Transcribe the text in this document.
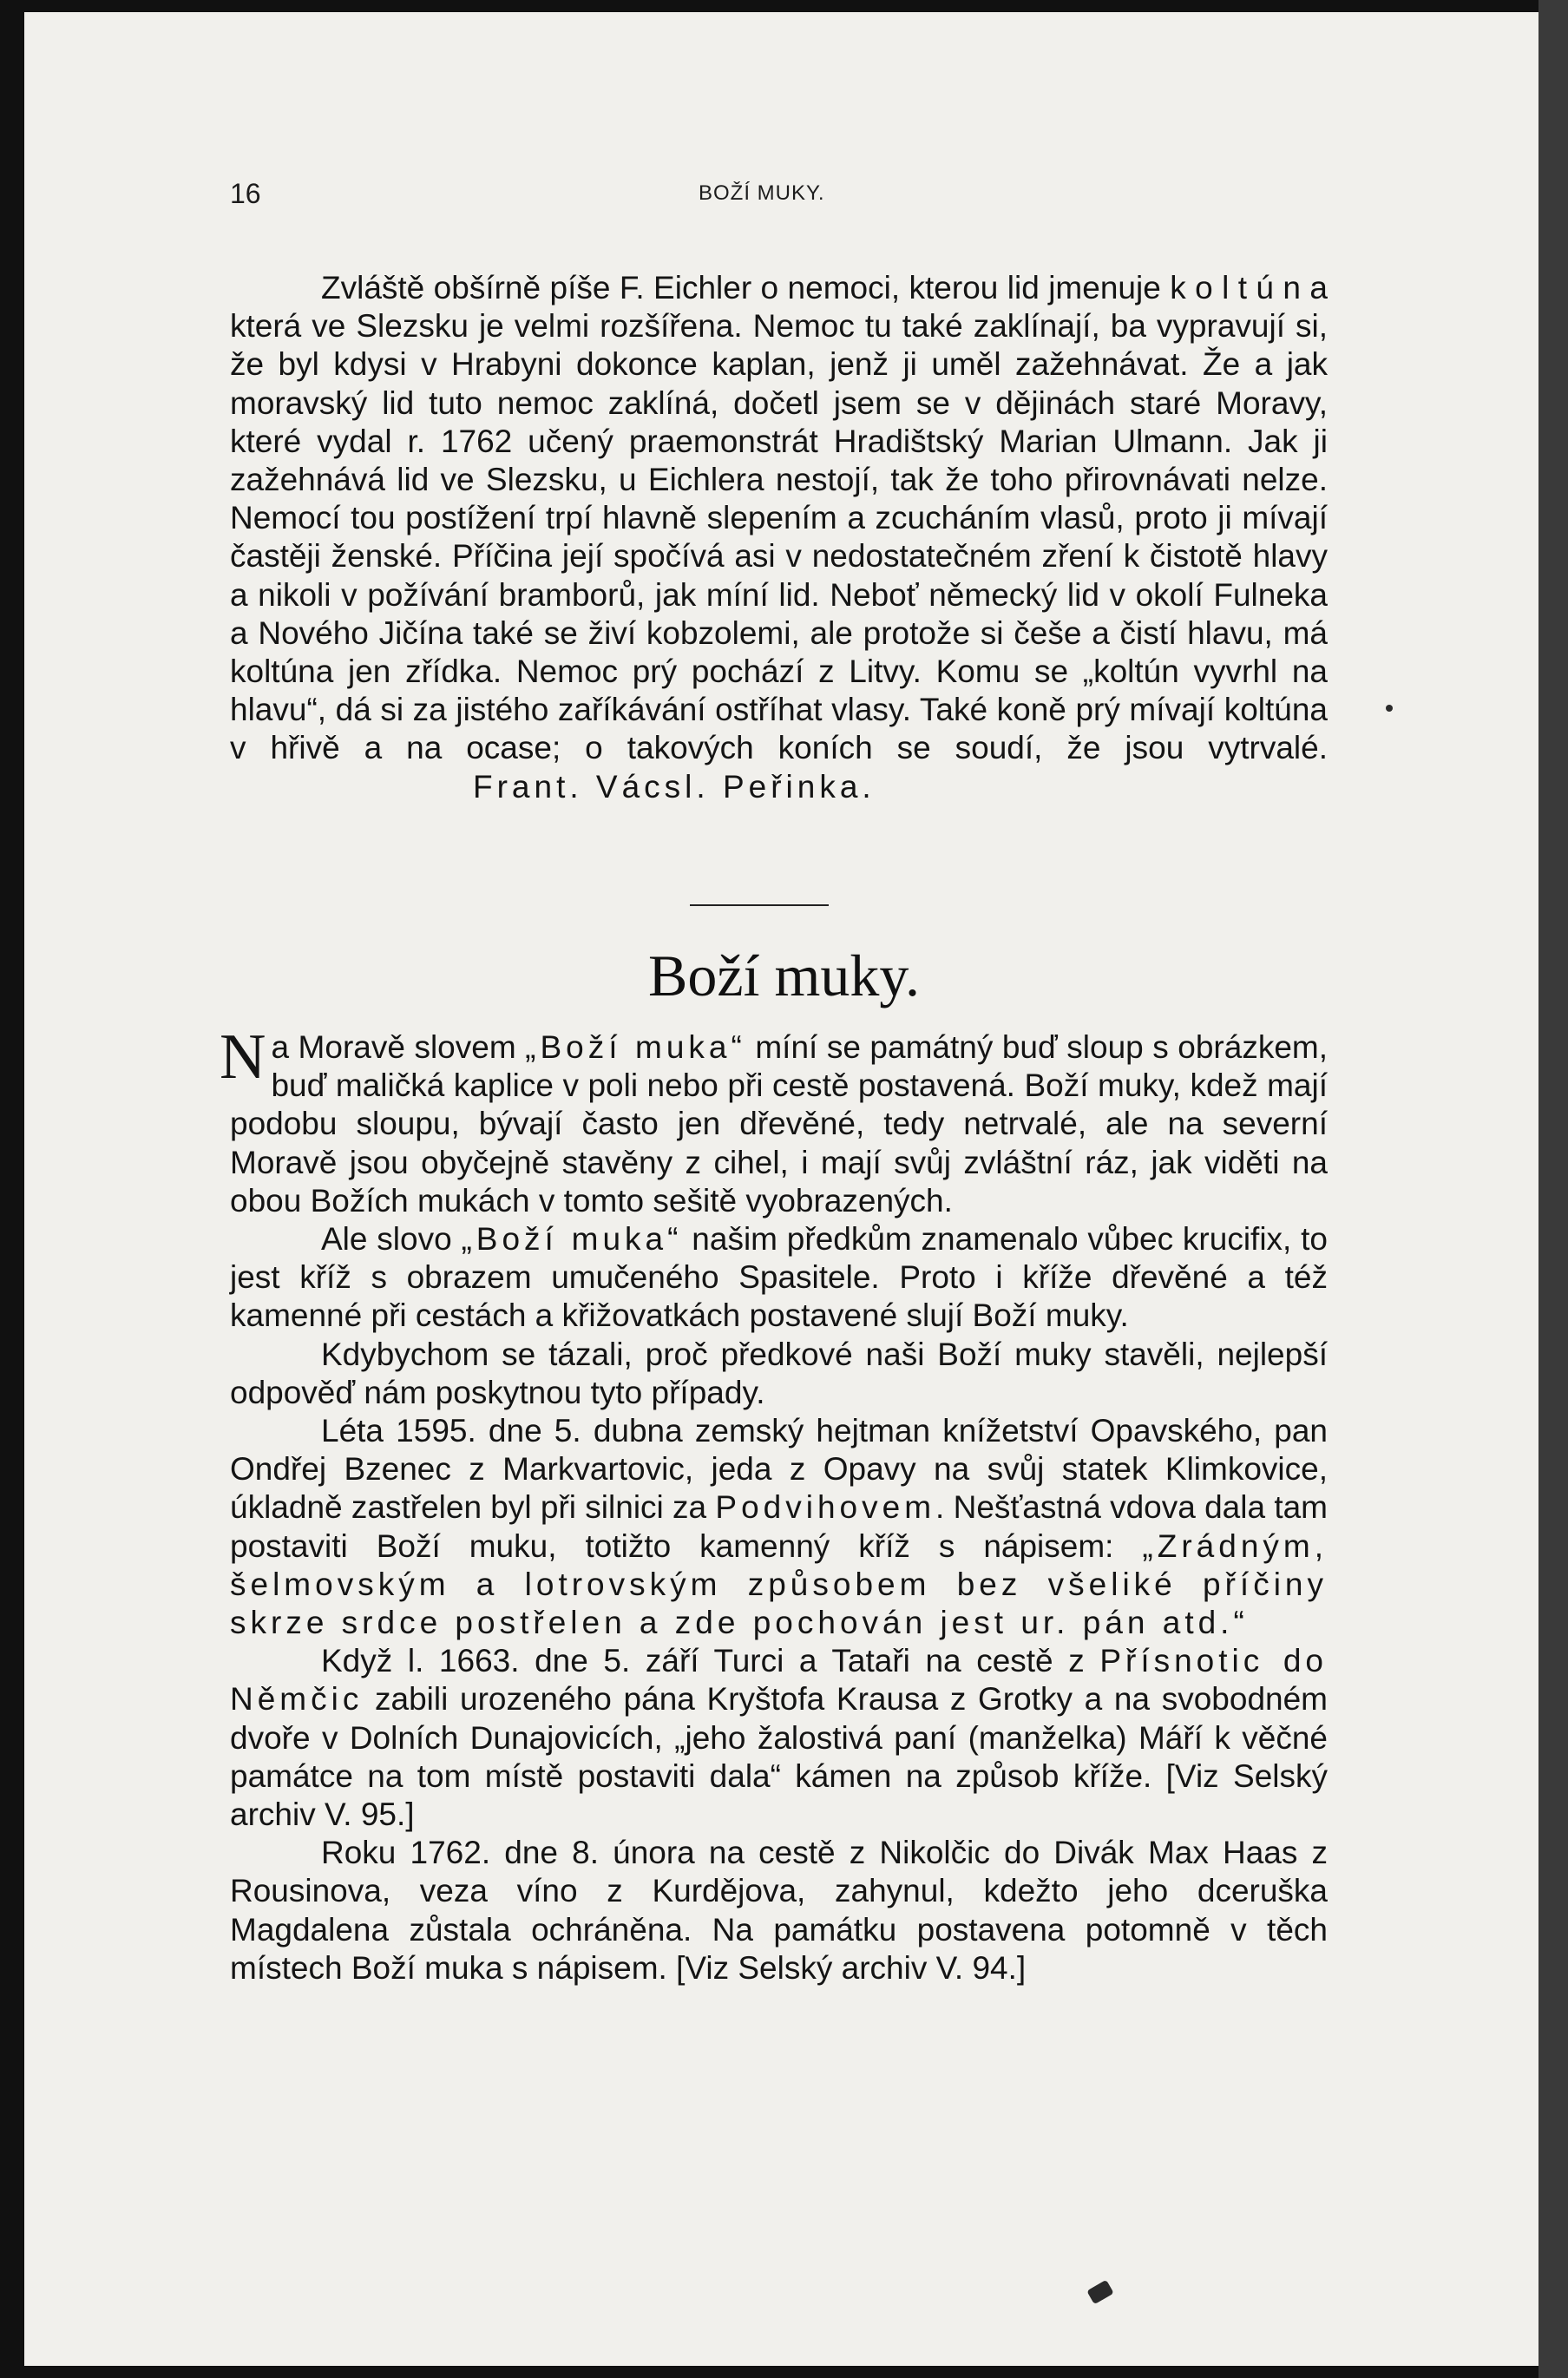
16	BOŽÍ MUKY.

Zvláště obšírně píše F. Eichler o nemoci, kterou lid jmenuje k o l t ú n a která ve Slezsku je velmi rozšířena. Nemoc tu také zaklínají, ba vypravují si, že byl kdysi v Hrabyni dokonce kaplan, jenž ji uměl zažehnávat. Že a jak moravský lid tuto nemoc zaklíná, dočetl jsem se v dějinách staré Moravy, které vydal r. 1762 učený praemonstrát Hradištský Marian Ulmann. Jak ji zažehnává lid ve Slezsku, u Eichlera nestojí, tak že toho přirovnávati nelze. Nemocí tou postížení trpí hlavně slepením a zcucháním vlasů, proto ji mívají častěji ženské. Příčina její spočívá asi v nedostatečném zření k čistotě hlavy a nikoli v požívání bramborů, jak míní lid. Neboť německý lid v okolí Fulneka a Nového Jičína také se živí kobzolemi, ale protože si češe a čistí hlavu, má koltúna jen zřídka. Nemoc prý pochází z Litvy. Komu se „koltún vyvrhl na hlavu“, dá si za jistého zaříkávání ostříhat vlasy. Také koně prý mívají koltúna v hřivě a na ocase; o takových koních se soudí, že jsou vytrvalé. Frant. Vácsl. Peřinka.

Boží muky.

Na Moravě slovem „Boží muka“ míní se památný buď sloup s obrázkem, buď maličká kaplice v poli nebo při cestě postavená. Boží muky, kdež mají podobu sloupu, bývají často jen dřevěné, tedy netrvalé, ale na severní Moravě jsou obyčejně stavěny z cihel, i mají svůj zvláštní ráz, jak viděti na obou Božích mukách v tomto sešitě vyobrazených.

Ale slovo „Boží muka“ našim předkům znamenalo vůbec krucifix, to jest kříž s obrazem umučeného Spasitele. Proto i kříže dřevěné a též kamenné při cestách a křižovatkách postavené slují Boží muky.

Kdybychom se tázali, proč předkové naši Boží muky stavěli, nejlepší odpověď nám poskytnou tyto případy.

Léta 1595. dne 5. dubna zemský hejtman knížetství Opavského, pan Ondřej Bzenec z Markvartovic, jeda z Opavy na svůj statek Klimkovice, úkladně zastřelen byl při silnici za Podvihovem. Nešťastná vdova dala tam postaviti Boží muku, totižto kamenný kříž s nápisem: „Zrádným, šelmovským a lotrovským způsobem bez všeliké příčiny skrze srdce postřelen a zde pochován jest ur. pán atd.“

Když l. 1663. dne 5. září Turci a Tataři na cestě z Přísnotic do Němčic zabili urozeného pána Kryštofa Krausa z Grotky a na svobodném dvoře v Dolních Dunajovicích, „jeho žalostivá paní (manželka) Máří k věčné památce na tom místě postaviti dala“ kámen na způsob kříže. [Viz Selský archiv V. 95.]

Roku 1762. dne 8. února na cestě z Nikolčic do Divák Max Haas z Rousinova, veza víno z Kurdějova, zahynul, kdežto jeho dceruška Magdalena zůstala ochráněna. Na památku postavena potomně v těch místech Boží muka s nápisem. [Viz Selský archiv V. 94.]
